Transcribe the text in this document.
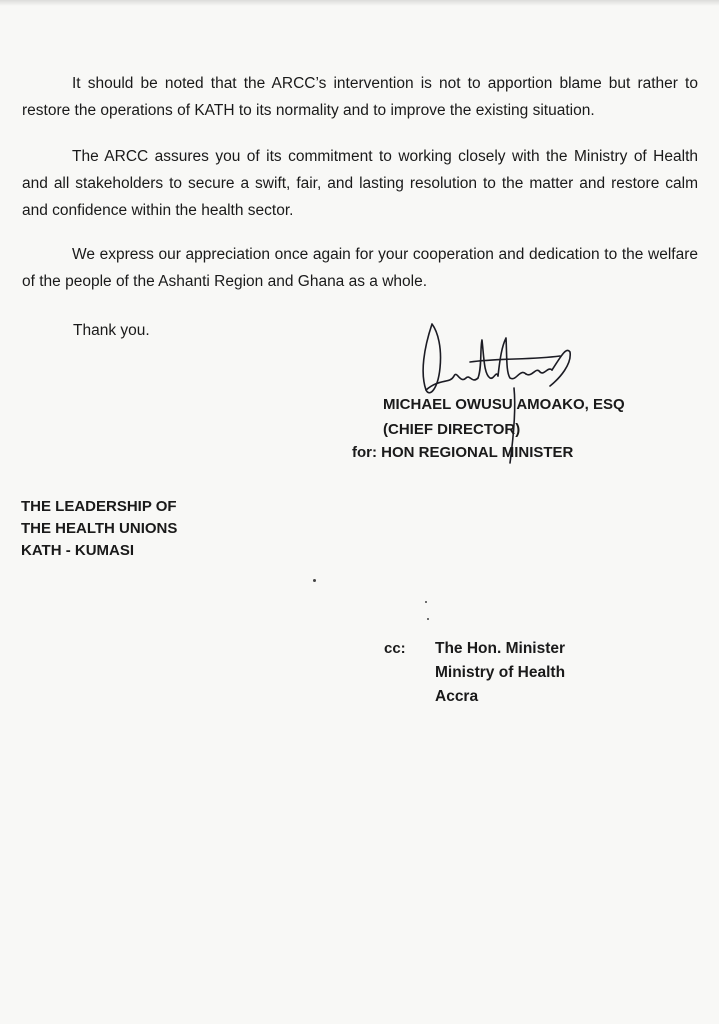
It should be noted that the ARCC’s intervention is not to apportion blame but rather to restore the operations of KATH to its normality and to improve the existing situation.

The ARCC assures you of its commitment to working closely with the Ministry of Health and all stakeholders to secure a swift, fair, and lasting resolution to the matter and restore calm and confidence within the health sector.

We express our appreciation once again for your cooperation and dedication to the welfare of the people of the Ashanti Region and Ghana as a whole.

Thank you.

MICHAEL OWUSU AMOAKO, ESQ
(CHIEF DIRECTOR)
for: HON REGIONAL MINISTER
THE LEADERSHIP OF
THE HEALTH UNIONS
KATH - KUMASI
cc: The Hon. Minister
Ministry of Health
Accra
